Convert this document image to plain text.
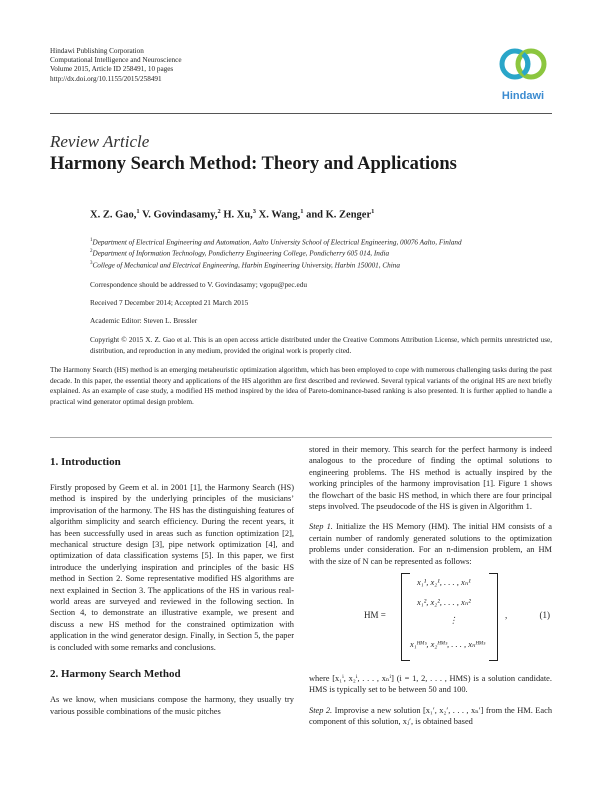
Hindawi Publishing Corporation
Computational Intelligence and Neuroscience
Volume 2015, Article ID 258491, 10 pages
http://dx.doi.org/10.1155/2015/258491
Hindawi
Review Article
Harmony Search Method: Theory and Applications
X. Z. Gao,$^1$ V. Govindasamy,$^2$ H. Xu,$^3$ X. Wang,$^1$ and K. Zenger$^1$
$^1$Department of Electrical Engineering and Automation, Aalto University School of Electrical Engineering, 00076 Aalto, Finland
$^2$Department of Information Technology, Pondicherry Engineering College, Pondicherry 605 014, India
$^3$College of Mechanical and Electrical Engineering, Harbin Engineering University, Harbin 150001, China
Correspondence should be addressed to V. Govindasamy; vgopu@pec.edu
Received 7 December 2014; Accepted 21 March 2015
Academic Editor: Steven L. Bressler
Copyright © 2015 X. Z. Gao et al. This is an open access article distributed under the Creative Commons Attribution License, which permits unrestricted use, distribution, and reproduction in any medium, provided the original work is properly cited.
The Harmony Search (HS) method is an emerging metaheuristic optimization algorithm, which has been employed to cope with numerous challenging tasks during the past decade. In this paper, the essential theory and applications of the HS algorithm are first described and reviewed. Several typical variants of the original HS are next briefly explained. As an example of case study, a modified HS method inspired by the idea of Pareto-dominance-based ranking is also presented. It is further applied to handle a practical wind generator optimal design problem.
1. Introduction

Firstly proposed by Geem et al. in 2001 [1], the Harmony Search (HS) method is inspired by the underlying principles of the musicians’ improvisation of the harmony. The HS has the distinguishing features of algorithm simplicity and search efficiency. During the recent years, it has been successfully used in areas such as function optimization [2], mechanical structure design [3], pipe network optimization [4], and optimization of data classification systems [5]. In this paper, we first introduce the underlying inspiration and principles of the basic HS method in Section 2. Some representative modified HS algorithms are next explained in Section 3. The applications of the HS in various real-world areas are surveyed and reviewed in the following section. In Section 4, to demonstrate an illustrative example, we present and discuss a new HS method for the constrained optimization with application in the wind generator design. Finally, in Section 5, the paper is concluded with some remarks and conclusions.

2. Harmony Search Method

As we know, when musicians compose the harmony, they usually try various possible combinations of the music pitches

stored in their memory. This search for the perfect harmony is indeed analogous to the procedure of finding the optimal solutions to engineering problems. The HS method is actually inspired by the working principles of the harmony improvisation [1]. Figure 1 shows the flowchart of the basic HS method, in which there are four principal steps involved. The pseudocode of the HS is given in Algorithm 1.

Step 1. Initialize the HS Memory (HM). The initial HM consists of a certain number of randomly generated solutions to the optimization problems under consideration. For an n-dimension problem, an HM with the size of N can be represented as follows:

HM =
x₁¹, x₂¹, . . . , xₙ¹
x₁², x₂², . . . , xₙ²
⋮
x₁ᴴᴹˢ, x₂ᴴᴹˢ, . . . , xₙᴴᴹˢ
,	(1)

where [x₁ⁱ, x₂ⁱ, . . . , xₙⁱ] (i = 1, 2, . . . , HMS) is a solution candidate. HMS is typically set to be between 50 and 100.

Step 2. Improvise a new solution [x₁′, x₂′, . . . , xₙ′] from the HM. Each component of this solution, xⱼ′, is obtained based
